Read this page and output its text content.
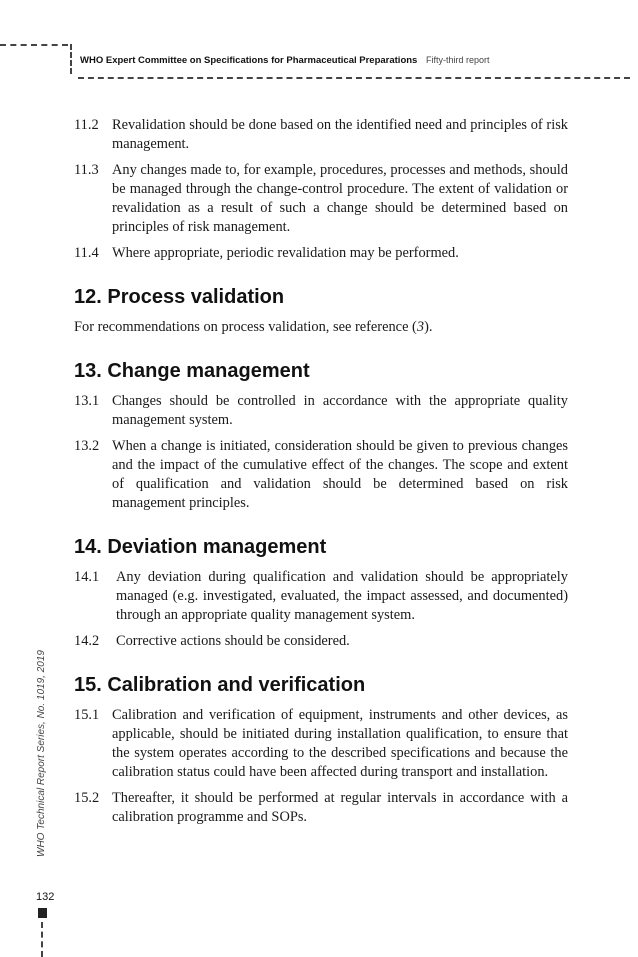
WHO Expert Committee on Specifications for Pharmaceutical Preparations Fifty-third report
11.2 Revalidation should be done based on the identified need and principles of risk management.
11.3 Any changes made to, for example, procedures, processes and methods, should be managed through the change-control procedure. The extent of validation or revalidation as a result of such a change should be determined based on principles of risk management.
11.4 Where appropriate, periodic revalidation may be performed.
12. Process validation
For recommendations on process validation, see reference (3).
13. Change management
13.1 Changes should be controlled in accordance with the appropriate quality management system.
13.2 When a change is initiated, consideration should be given to previous changes and the impact of the cumulative effect of the changes. The scope and extent of qualification and validation should be determined based on risk management principles.
14. Deviation management
14.1	Any deviation during qualification and validation should be appropriately managed (e.g. investigated, evaluated, the impact assessed, and documented) through an appropriate quality management system.
14.2	Corrective actions should be considered.
15. Calibration and verification
15.1 Calibration and verification of equipment, instruments and other devices, as applicable, should be initiated during installation qualification, to ensure that the system operates according to the described specifications and because the calibration status could have been affected during transport and installation.
15.2 Thereafter, it should be performed at regular intervals in accordance with a calibration programme and SOPs.
WHO Technical Report Series, No. 1019, 2019
132
